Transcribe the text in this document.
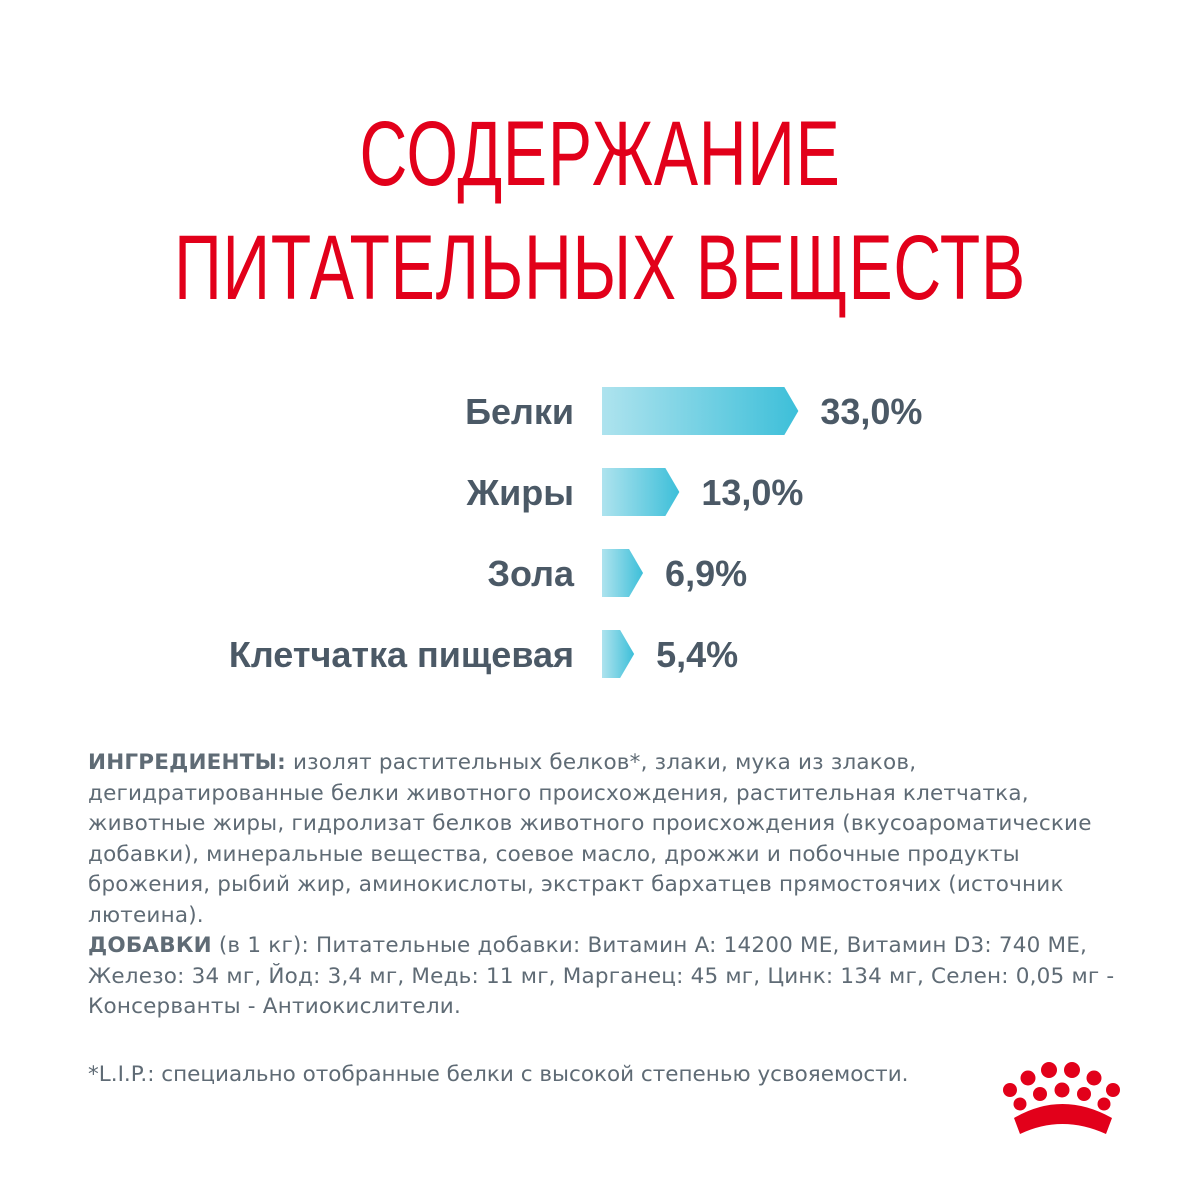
СОДЕРЖАНИЕ
ПИТАТЕЛЬНЫХ ВЕЩЕСТВ
Белки	33,0%
Жиры	13,0%
Зола	6,9%
Клетчатка пищевая 5,4%

ИНГРЕДИЕНТЫ: изолят растительных белков*, злаки, мука из злаков, дегидратированные белки животного происхождения, растительная клетчатка, животные жиры, гидролизат белков животного происхождения (вкусоароматические добавки), минеральные вещества, соевое масло, дрожжи и побочные продукты брожения, рыбий жир, аминокислоты, экстракт бархатцев прямостоячих (источник лютеина).

ДОБАВКИ (в 1 кг): Питательные добавки: Витамин A: 14200 МЕ, Витамин D3: 740 МЕ, Железо: 34 мг, Йод: 3,4 мг, Медь: 11 мг, Марганец: 45 мг, Цинк: 134 мг, Селен: 0,05 мг - Консерванты - Антиокислители.

*L.I.P.: специально отобранные белки с высокой степенью усвояемости.
